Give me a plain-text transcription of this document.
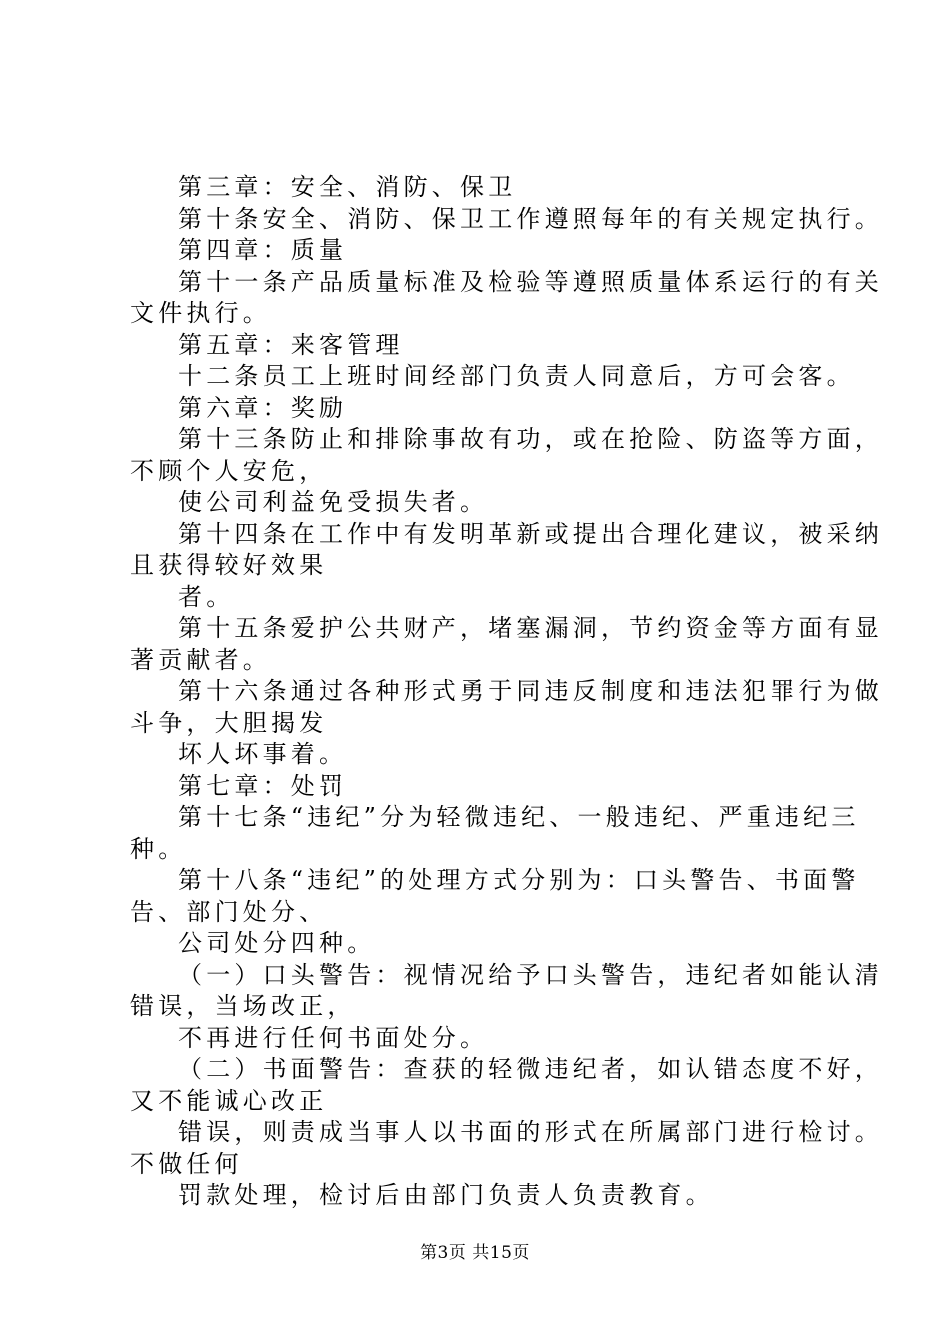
第三章：安全、消防、保卫
第十条安全、消防、保卫工作遵照每年的有关规定执行。
第四章：质量
第十一条产品质量标准及检验等遵照质量体系运行的有关
文件执行。
第五章：来客管理
十二条员工上班时间经部门负责人同意后，方可会客。
第六章：奖励
第十三条防止和排除事故有功，或在抢险、防盗等方面，
不顾个人安危，
使公司利益免受损失者。
第十四条在工作中有发明革新或提出合理化建议，被采纳
且获得较好效果
者。
第十五条爱护公共财产，堵塞漏洞，节约资金等方面有显
著贡献者。
第十六条通过各种形式勇于同违反制度和违法犯罪行为做
斗争，大胆揭发
坏人坏事着。
第七章：处罚
第十七条“违纪”分为轻微违纪、一般违纪、严重违纪三
种。
第十八条“违纪”的处理方式分别为：口头警告、书面警
告、部门处分、
公司处分四种。
（一）口头警告：视情况给予口头警告，违纪者如能认清
错误，当场改正，
不再进行任何书面处分。
（二）书面警告：查获的轻微违纪者，如认错态度不好，
又不能诚心改正
错误，则责成当事人以书面的形式在所属部门进行检讨。
不做任何
罚款处理，检讨后由部门负责人负责教育。
第3页 共15页
